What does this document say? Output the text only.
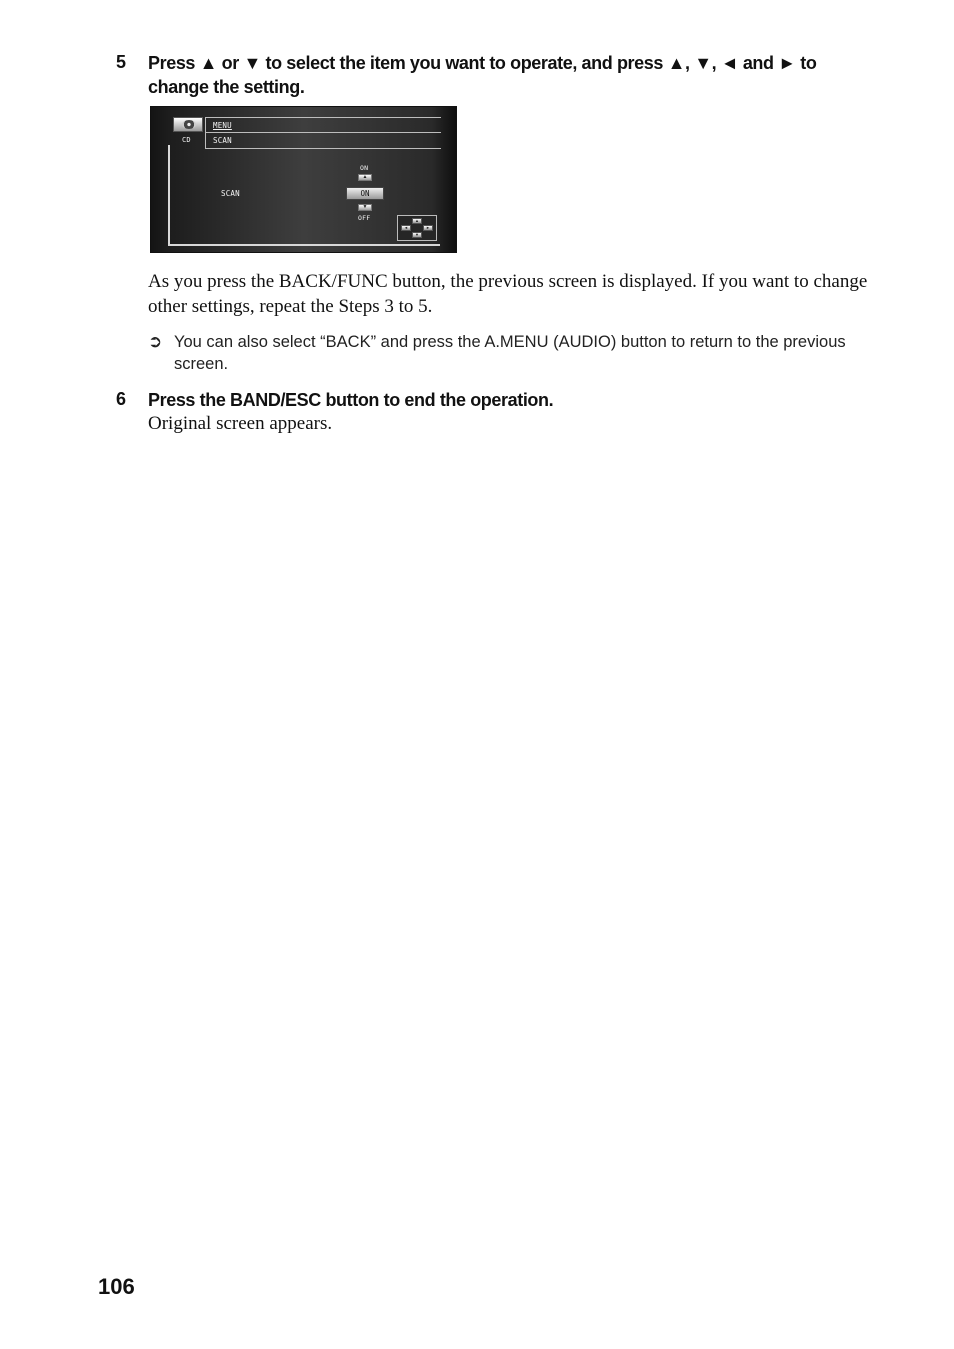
5 Press ▲ or ▼ to select the item you want to operate, and press ▲, ▼, ◄ and ► to change the setting.
MENU
CD	SCAN
SCAN
ON
▲
ON
▼
OFF	▲
◄	►
▼
As you press the BACK/FUNC button, the previous screen is displayed. If you want to change other settings, repeat the Steps 3 to 5.
➲ You can also select “BACK” and press the A.MENU (AUDIO) button to return to the previous screen.
6 Press the BAND/ESC button to end the operation.
Original screen appears.
106
